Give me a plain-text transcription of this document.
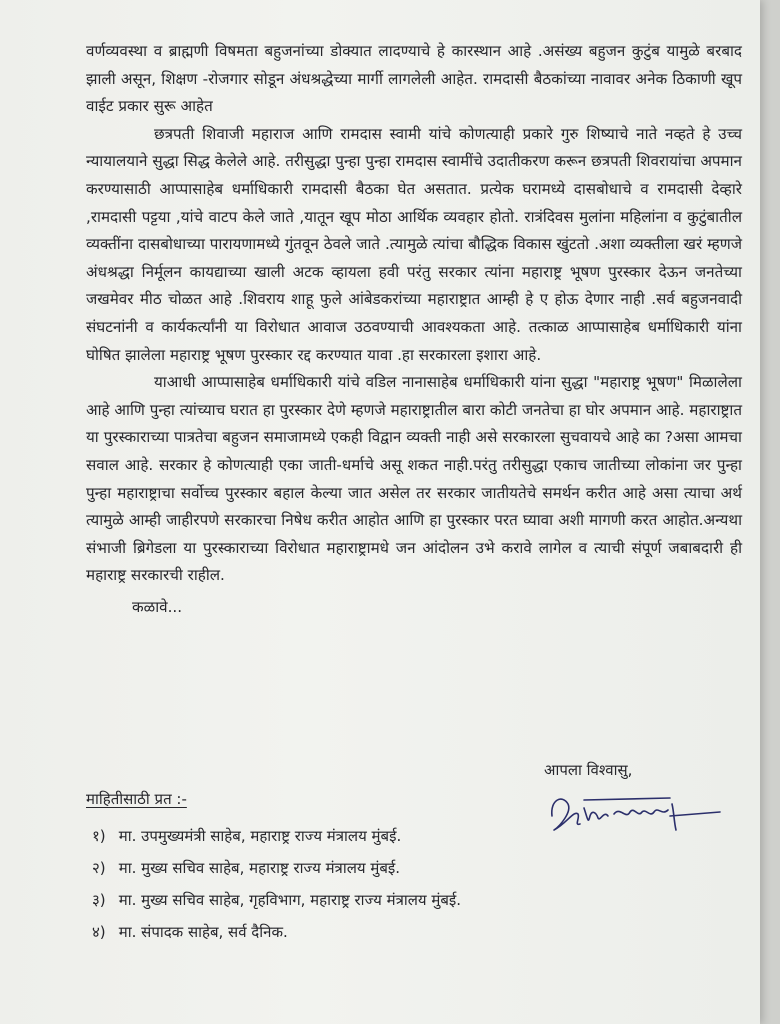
वर्णव्यवस्था व ब्राह्मणी विषमता बहुजनांच्या डोक्यात लादण्याचे हे कारस्थान आहे .असंख्य बहुजन कुटुंब यामुळे बरबाद झाली असून, शिक्षण -रोजगार सोडून अंधश्रद्धेच्या मार्गी लागलेली आहेत. रामदासी बैठकांच्या नावावर अनेक ठिकाणी खूप वाईट प्रकार सुरू आहेत

छत्रपती शिवाजी महाराज आणि रामदास स्वामी यांचे कोणत्याही प्रकारे गुरु शिष्याचे नाते नव्हते हे उच्च न्यायालयाने सुद्धा सिद्ध केलेले आहे. तरीसुद्धा पुन्हा पुन्हा रामदास स्वामींचे उदातीकरण करून छत्रपती शिवरायांचा अपमान करण्यासाठी आप्पासाहेब धर्माधिकारी रामदासी बैठका घेत असतात. प्रत्येक घरामध्ये दासबोधाचे व रामदासी देव्हारे ,रामदासी पट्टया ,यांचे वाटप केले जाते ,यातून खूप मोठा आर्थिक व्यवहार होतो. रात्रंदिवस मुलांना महिलांना व कुटुंबातील व्यक्तींना दासबोधाच्या पारायणामध्ये गुंतवून ठेवले जाते .त्यामुळे त्यांचा बौद्धिक विकास खुंटतो .अशा व्यक्तीला खरं म्हणजे अंधश्रद्धा निर्मूलन कायद्याच्या खाली अटक व्हायला हवी परंतु सरकार त्यांना महाराष्ट्र भूषण पुरस्कार देऊन जनतेच्या जखमेवर मीठ चोळत आहे .शिवराय शाहू फुले आंबेडकरांच्या महाराष्ट्रात आम्ही हे ए होऊ देणार नाही .सर्व बहुजनवादी संघटनांनी व कार्यकर्त्यांनी या विरोधात आवाज उठवण्याची आवश्यकता आहे. तत्काळ आप्पासाहेब धर्माधिकारी यांना घोषित झालेला महाराष्ट्र भूषण पुरस्कार रद्द करण्यात यावा .हा सरकारला इशारा आहे.

याआधी आप्पासाहेब धर्माधिकारी यांचे वडिल नानासाहेब धर्माधिकारी यांना सुद्धा "महाराष्ट्र भूषण" मिळालेला आहे आणि पुन्हा त्यांच्याच घरात हा पुरस्कार देणे म्हणजे महाराष्ट्रातील बारा कोटी जनतेचा हा घोर अपमान आहे. महाराष्ट्रात या पुरस्काराच्या पात्रतेचा बहुजन समाजामध्ये एकही विद्वान व्यक्ती नाही असे सरकारला सुचवायचे आहे का ?असा आमचा सवाल आहे. सरकार हे कोणत्याही एका जाती-धर्माचे असू शकत नाही.परंतु तरीसुद्धा एकाच जातीच्या लोकांना जर पुन्हा पुन्हा महाराष्ट्राचा सर्वोच्च पुरस्कार बहाल केल्या जात असेल तर सरकार जातीयतेचे समर्थन करीत आहे असा त्याचा अर्थ त्यामुळे आम्ही जाहीरपणे सरकारचा निषेध करीत आहोत आणि हा पुरस्कार परत घ्यावा अशी मागणी करत आहोत.अन्यथा संभाजी ब्रिगेडला या पुरस्काराच्या विरोधात महाराष्ट्रामधे जन आंदोलन उभे करावे लागेल व त्याची संपूर्ण जबाबदारी ही महाराष्ट्र सरकारची राहील.

कळावे...

आपला विश्वासु,
माहितीसाठी प्रत :-
१) मा. उपमुख्यमंत्री साहेब, महाराष्ट्र राज्य मंत्रालय मुंबई.
२) मा. मुख्य सचिव साहेब, महाराष्ट्र राज्य मंत्रालय मुंबई.
३) मा. मुख्य सचिव साहेब, गृहविभाग, महाराष्ट्र राज्य मंत्रालय मुंबई.
४) मा. संपादक साहेब, सर्व दैनिक.
